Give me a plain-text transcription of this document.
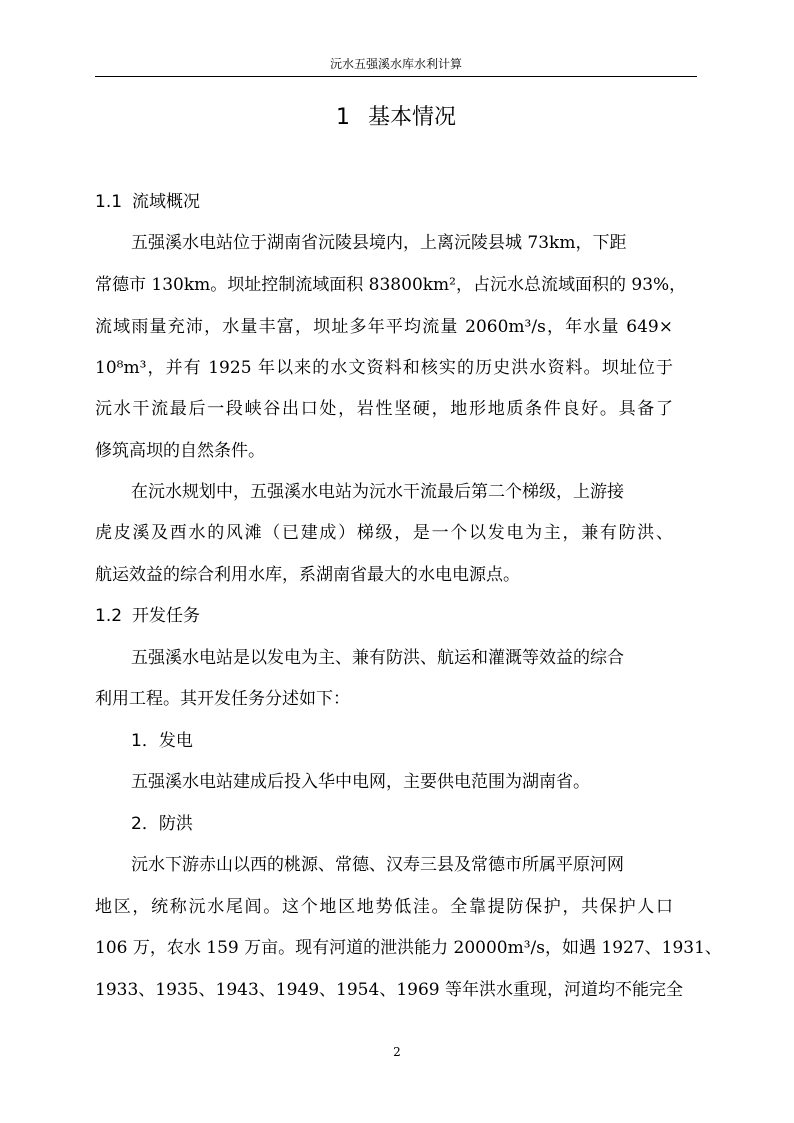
沅水五强溪水库水利计算
1 基本情况
1.1 流域概况
五强溪水电站位于湖南省沅陵县境内，上离沅陵县城 73km，下距
常德市 130km。坝址控制流域面积 83800km²，占沅水总流域面积的 93%，
流域雨量充沛，水量丰富，坝址多年平均流量 2060m³/s，年水量 649×
10⁸m³，并有 1925 年以来的水文资料和核实的历史洪水资料。坝址位于
沅水干流最后一段峡谷出口处，岩性坚硬，地形地质条件良好。具备了
修筑高坝的自然条件。
在沅水规划中，五强溪水电站为沅水干流最后第二个梯级，上游接
虎皮溪及酉水的风滩（已建成）梯级，是一个以发电为主，兼有防洪、
航运效益的综合利用水库，系湖南省最大的水电电源点。
1.2 开发任务
五强溪水电站是以发电为主、兼有防洪、航运和灌溉等效益的综合
利用工程。其开发任务分述如下：
1．发电
五强溪水电站建成后投入华中电网，主要供电范围为湖南省。
2．防洪
沅水下游赤山以西的桃源、常德、汉寿三县及常德市所属平原河网
地区，统称沅水尾闾。这个地区地势低洼。全靠提防保护，共保护人口
106 万，农水 159 万亩。现有河道的泄洪能力 20000m³/s，如遇 1927、1931、
1933、1935、1943、1949、1954、1969 等年洪水重现，河道均不能完全
2
